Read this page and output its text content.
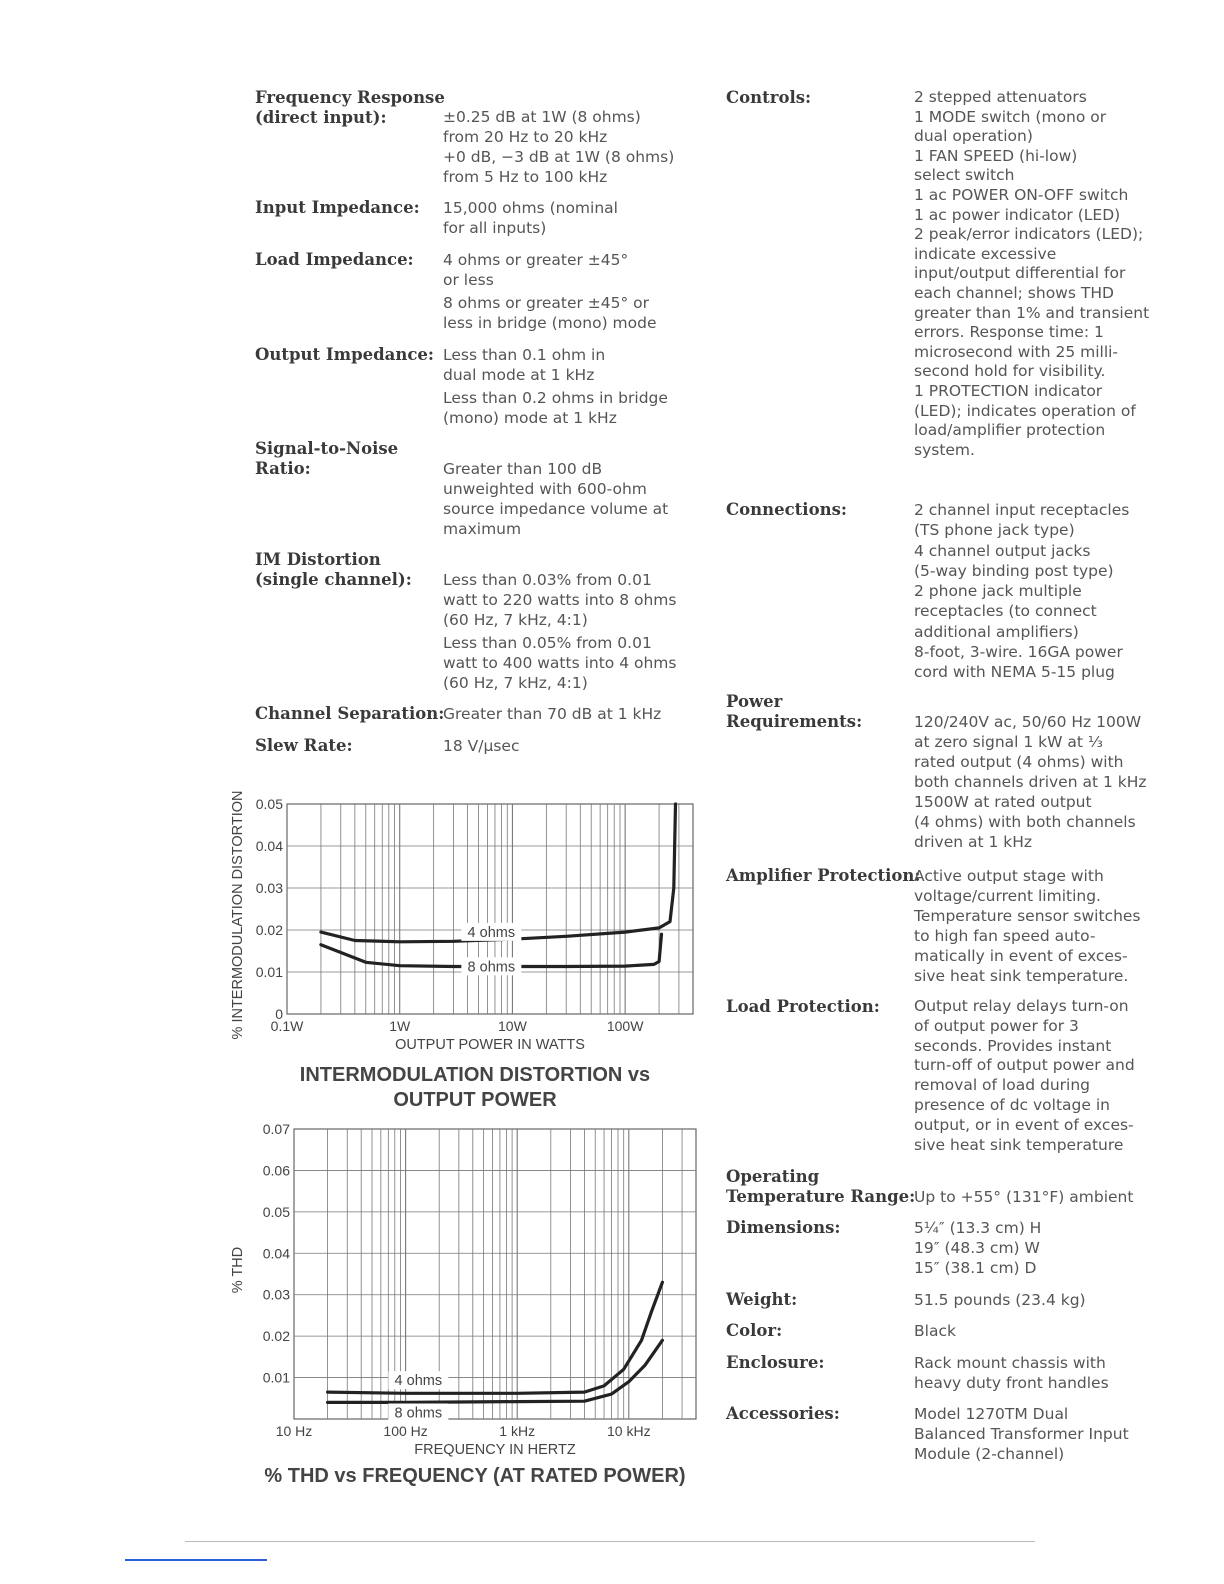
Frequency Response
(direct input):	±0.25 dB at 1W (8 ohms)
from 20 Hz to 20 kHz
+0 dB, −3 dB at 1W (8 ohms)
from 5 Hz to 100 kHz
Input Impedance: 15,000 ohms (nominal
for all inputs)
Load Impedance: 4 ohms or greater ±45°
or less
8 ohms or greater ±45° or
less in bridge (mono) mode
Output Impedance: Less than 0.1 ohm in
dual mode at 1 kHz
Less than 0.2 ohms in bridge
(mono) mode at 1 kHz
Signal-to-Noise
Ratio:	Greater than 100 dB
unweighted with 600-ohm
source impedance volume at
maximum
IM Distortion
(single channel): Less than 0.03% from 0.01
watt to 220 watts into 8 ohms
(60 Hz, 7 kHz, 4:1)
Less than 0.05% from 0.01
watt to 400 watts into 4 ohms
(60 Hz, 7 kHz, 4:1)
Channel Separation:
Greater than 70 dB at 1 kHz
Slew Rate:	18 V/μsec
Controls:	2 stepped attenuators
1 MODE switch (mono or
dual operation)
1 FAN SPEED (hi-low)
select switch
1 ac POWER ON-OFF switch
1 ac power indicator (LED)
2 peak/error indicators (LED);
indicate excessive
input/output differential for
each channel; shows THD
greater than 1% and transient
errors. Response time: 1
microsecond with 25 milli-
second hold for visibility.
1 PROTECTION indicator
(LED); indicates operation of
load/amplifier protection
system.
Connections:	2 channel input receptacles
(TS phone jack type)
4 channel output jacks
(5-way binding post type)
2 phone jack multiple
receptacles (to connect
additional amplifiers)
8-foot, 3-wire. 16GA power
cord with NEMA 5-15 plug
Power
Requirements:	120/240V ac, 50/60 Hz 100W
at zero signal 1 kW at ⅓
rated output (4 ohms) with
both channels driven at 1 kHz
1500W at rated output
(4 ohms) with both channels
driven at 1 kHz
Amplifier Protection:
Active output stage with
voltage/current limiting.
Temperature sensor switches
to high fan speed auto-
matically in event of exces-
sive heat sink temperature.
Load Protection: Output relay delays turn-on
of output power for 3
seconds. Provides instant
turn-off of output power and
removal of load during
presence of dc voltage in
output, or in event of exces-
sive heat sink temperature
Operating
Temperature Range:
Up to +55° (131°F) ambient
Dimensions:	5¼″ (13.3 cm) H
19″ (48.3 cm) W
15″ (38.1 cm) D
Weight:	51.5 pounds (23.4 kg)
Color:	Black
Enclosure:	Rack mount chassis with
heavy duty front handles
Accessories:	Model 1270TM Dual
Balanced Transformer Input
Module (2-channel)
0
0.01
0.02
0.03
0.04
0.05
0.1W	1W	10W	100W
OUTPUT POWER IN WATTS
% INTERMODULATION DISTORTION	4 ohms
8 ohms
INTERMODULATION DISTORTION vs
OUTPUT POWER
0.01
0.02
0.03
0.04
0.05
0.06
0.07
10 Hz	100 Hz	1 kHz	10 kHz
FREQUENCY IN HERTZ
% THD
4 ohms
8 ohms
% THD vs FREQUENCY (AT RATED POWER)
